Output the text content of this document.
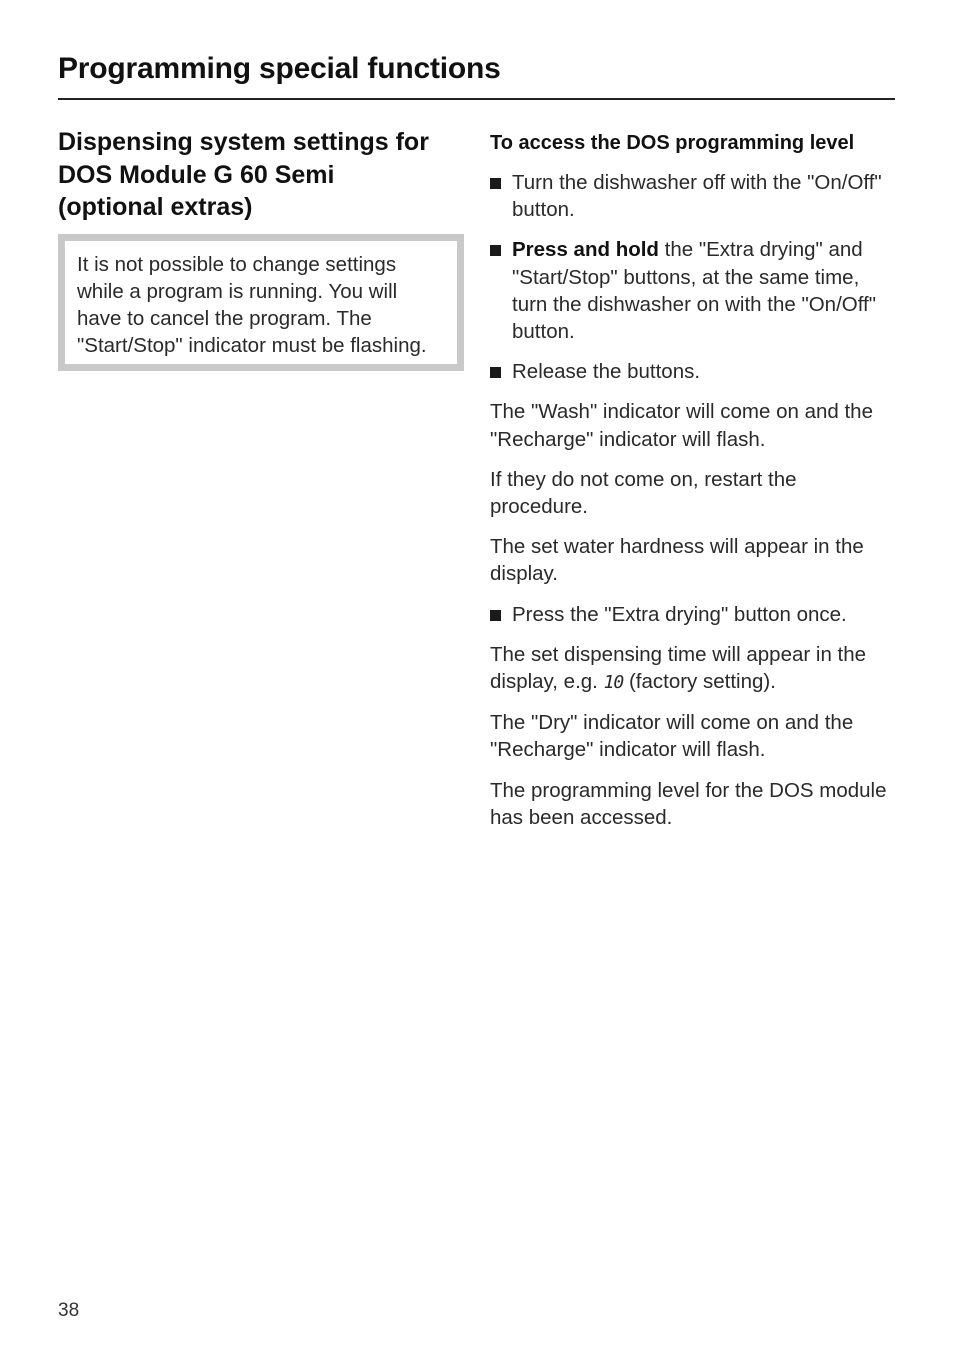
Programming special functions
Dispensing system settings for
DOS Module G 60 Semi
(optional extras)
It is not possible to change settings while a program is running. You will have to cancel the program. The "Start/Stop" indicator must be flashing.
To access the DOS programming level
Turn the dishwasher off with the "On/Off" button.
Press and hold the "Extra drying" and "Start/Stop" buttons, at the same time, turn the dishwasher on with the "On/Off" button.
Release the buttons.

The "Wash" indicator will come on and the "Recharge" indicator will flash.

If they do not come on, restart the procedure.

The set water hardness will appear in the display.

Press the "Extra drying" button once.

The set dispensing time will appear in the display, e.g. 10 (factory setting).

The "Dry" indicator will come on and the "Recharge" indicator will flash.

The programming level for the DOS module has been accessed.

38
